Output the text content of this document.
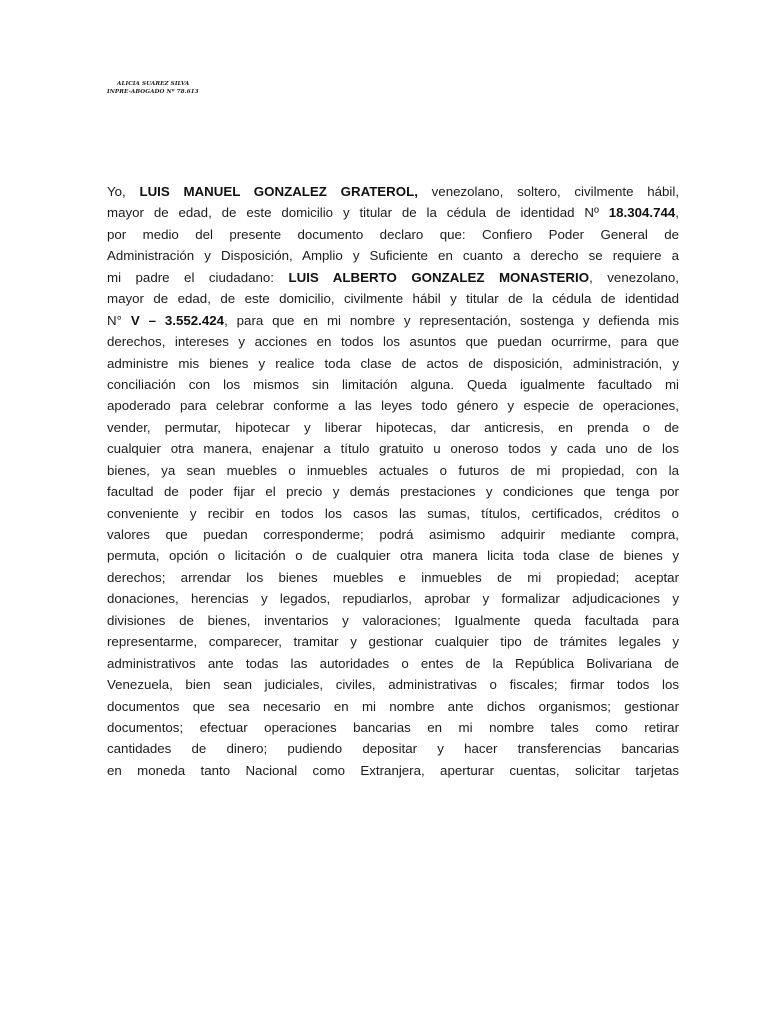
ALICIA SUAREZ SILVA
INPRE-ABOGADO Nº 78.613
Yo, LUIS MANUEL GONZALEZ GRATEROL, venezolano, soltero, civilmente hábil,
mayor de edad, de este domicilio y titular de la cédula de identidad Nº 18.304.744,
por medio del presente documento declaro que: Confiero Poder General de
Administración y Disposición, Amplio y Suficiente en cuanto a derecho se requiere a
mi padre el ciudadano: LUIS ALBERTO GONZALEZ MONASTERIO, venezolano,
mayor de edad, de este domicilio, civilmente hábil y titular de la cédula de identidad
N° V – 3.552.424, para que en mi nombre y representación, sostenga y defienda mis
derechos, intereses y acciones en todos los asuntos que puedan ocurrirme, para que
administre mis bienes y realice toda clase de actos de disposición, administración, y
conciliación con los mismos sin limitación alguna. Queda igualmente facultado mi
apoderado para celebrar conforme a las leyes todo género y especie de operaciones,
vender, permutar, hipotecar y liberar hipotecas, dar anticresis, en prenda o de
cualquier otra manera, enajenar a título gratuito u oneroso todos y cada uno de los
bienes, ya sean muebles o inmuebles actuales o futuros de mi propiedad, con la
facultad de poder fijar el precio y demás prestaciones y condiciones que tenga por
conveniente y recibir en todos los casos las sumas, títulos, certificados, créditos o
valores que puedan corresponderme; podrá asimismo adquirir mediante compra,
permuta, opción o licitación o de cualquier otra manera licita toda clase de bienes y
derechos; arrendar los bienes muebles e inmuebles de mi propiedad; aceptar
donaciones, herencias y legados, repudiarlos, aprobar y formalizar adjudicaciones y
divisiones de bienes, inventarios y valoraciones; Igualmente queda facultada para
representarme, comparecer, tramitar y gestionar cualquier tipo de trámites legales y
administrativos ante todas las autoridades o entes de la República Bolivariana de
Venezuela, bien sean judiciales, civiles, administrativas o fiscales; firmar todos los
documentos que sea necesario en mi nombre ante dichos organismos; gestionar
documentos; efectuar operaciones bancarias en mi nombre tales como retirar
cantidades de dinero; pudiendo depositar y hacer transferencias bancarias
en moneda tanto Nacional como Extranjera, aperturar cuentas, solicitar tarjetas
